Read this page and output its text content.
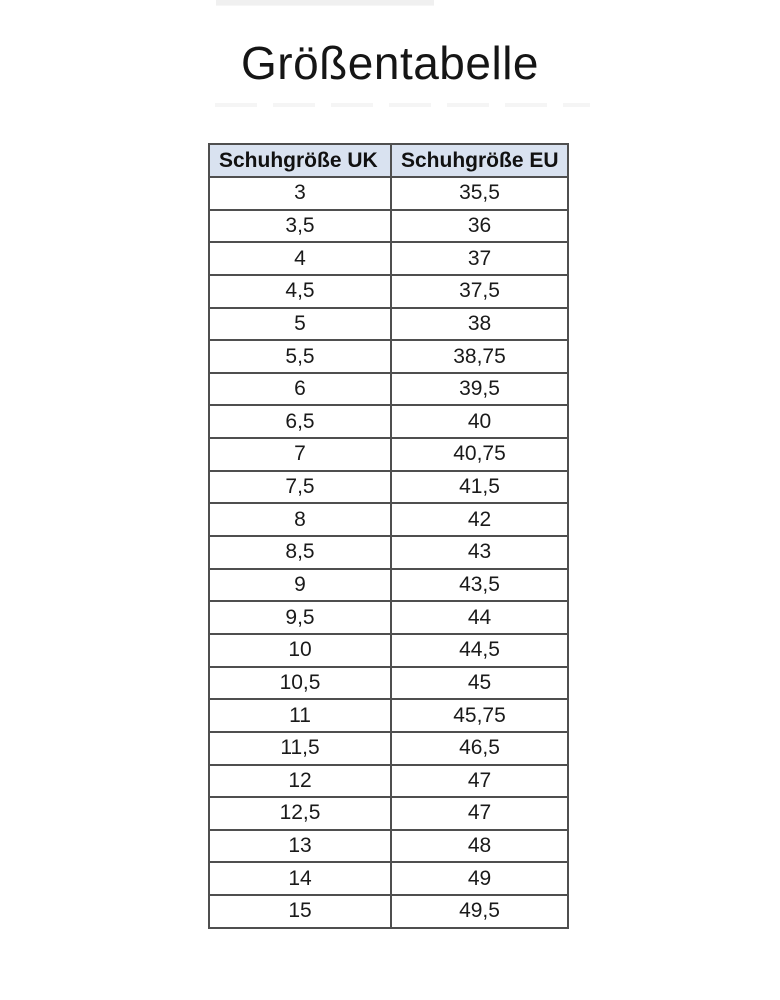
Größentabelle
Schuhgröße UK	Schuhgröße EU
3	35,5
3,5	36
4	37
4,5	37,5
5	38
5,5	38,75
6	39,5
6,5	40
7	40,75
7,5	41,5
8	42
8,5	43
9	43,5
9,5	44
10	44,5
10,5	45
11	45,75
11,5	46,5
12	47
12,5	47
13	48
14	49
15	49,5
